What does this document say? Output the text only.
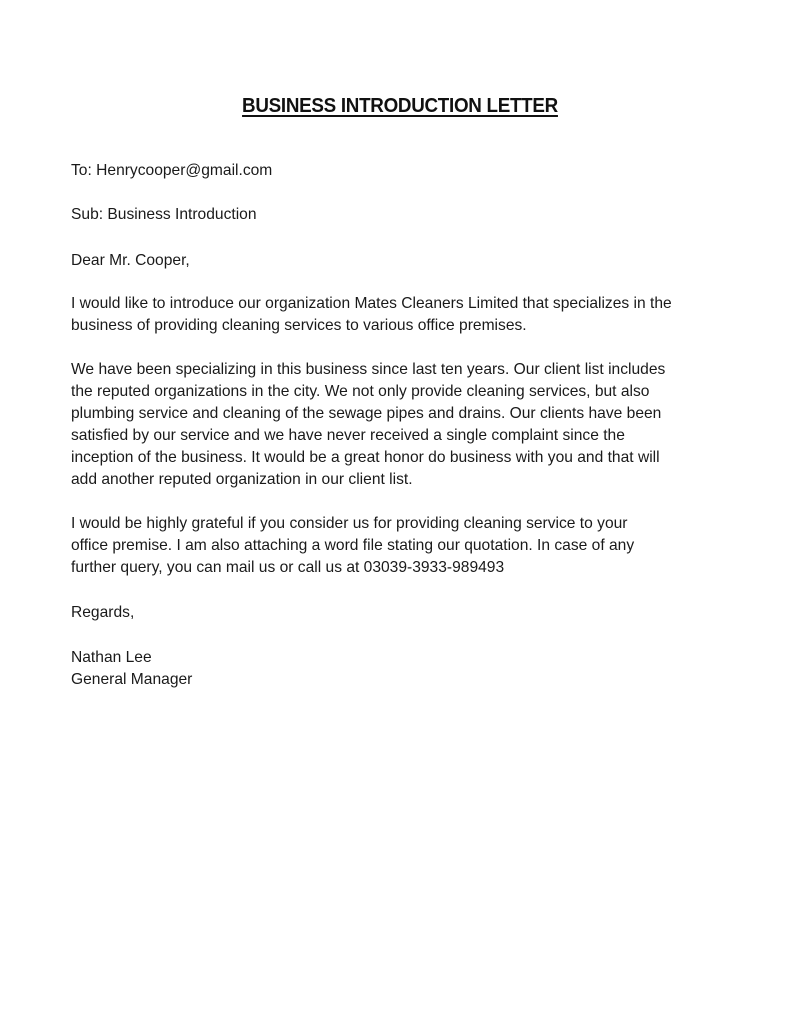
BUSINESS INTRODUCTION LETTER
To: Henrycooper@gmail.com
Sub: Business Introduction
Dear Mr. Cooper,
I would like to introduce our organization Mates Cleaners Limited that specializes in the
business of providing cleaning services to various office premises.
We have been specializing in this business since last ten years. Our client list includes
the reputed organizations in the city. We not only provide cleaning services, but also
plumbing service and cleaning of the sewage pipes and drains. Our clients have been
satisfied by our service and we have never received a single complaint since the
inception of the business. It would be a great honor do business with you and that will
add another reputed organization in our client list.
I would be highly grateful if you consider us for providing cleaning service to your
office premise. I am also attaching a word file stating our quotation. In case of any
further query, you can mail us or call us at 03039-3933-989493
Regards,
Nathan Lee
General Manager
